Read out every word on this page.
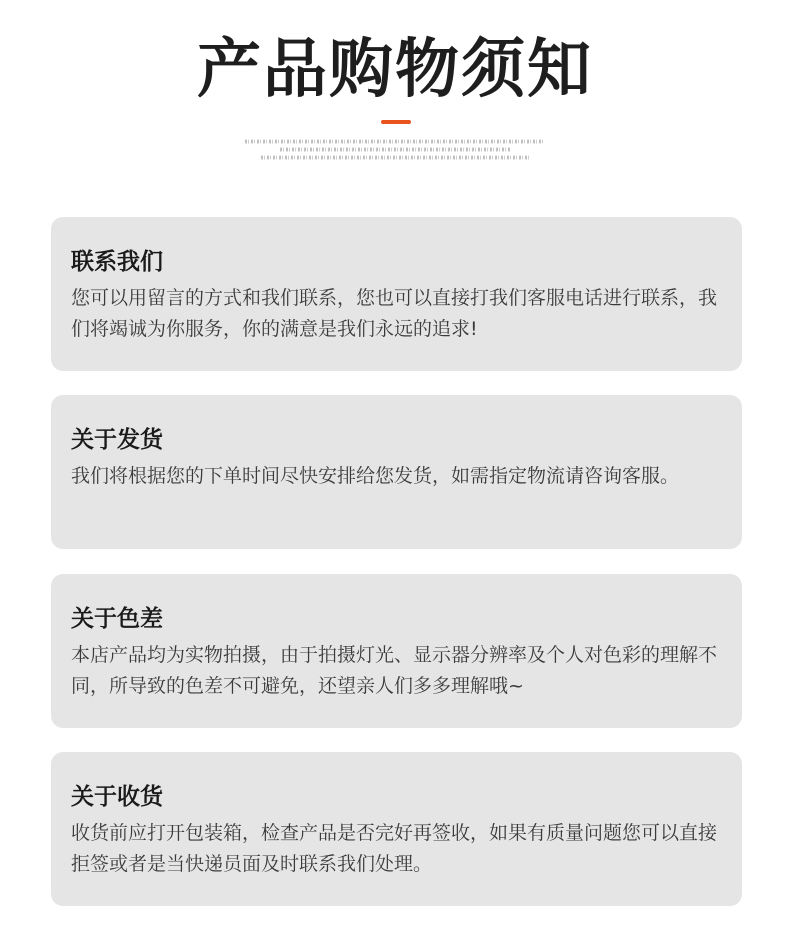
产品购物须知
联系我们
您可以用留言的方式和我们联系，您也可以直接打我们客服电话进行联系，我们将竭诚为你服务，你的满意是我们永远的追求!
关于发货
我们将根据您的下单时间尽快安排给您发货，如需指定物流请咨询客服。
关于色差
本店产品均为实物拍摄，由于拍摄灯光、显示器分辨率及个人对色彩的理解不同，所导致的色差不可避免，还望亲人们多多理解哦~
关于收货
收货前应打开包装箱，检查产品是否完好再签收，如果有质量问题您可以直接拒签或者是当快递员面及时联系我们处理。
